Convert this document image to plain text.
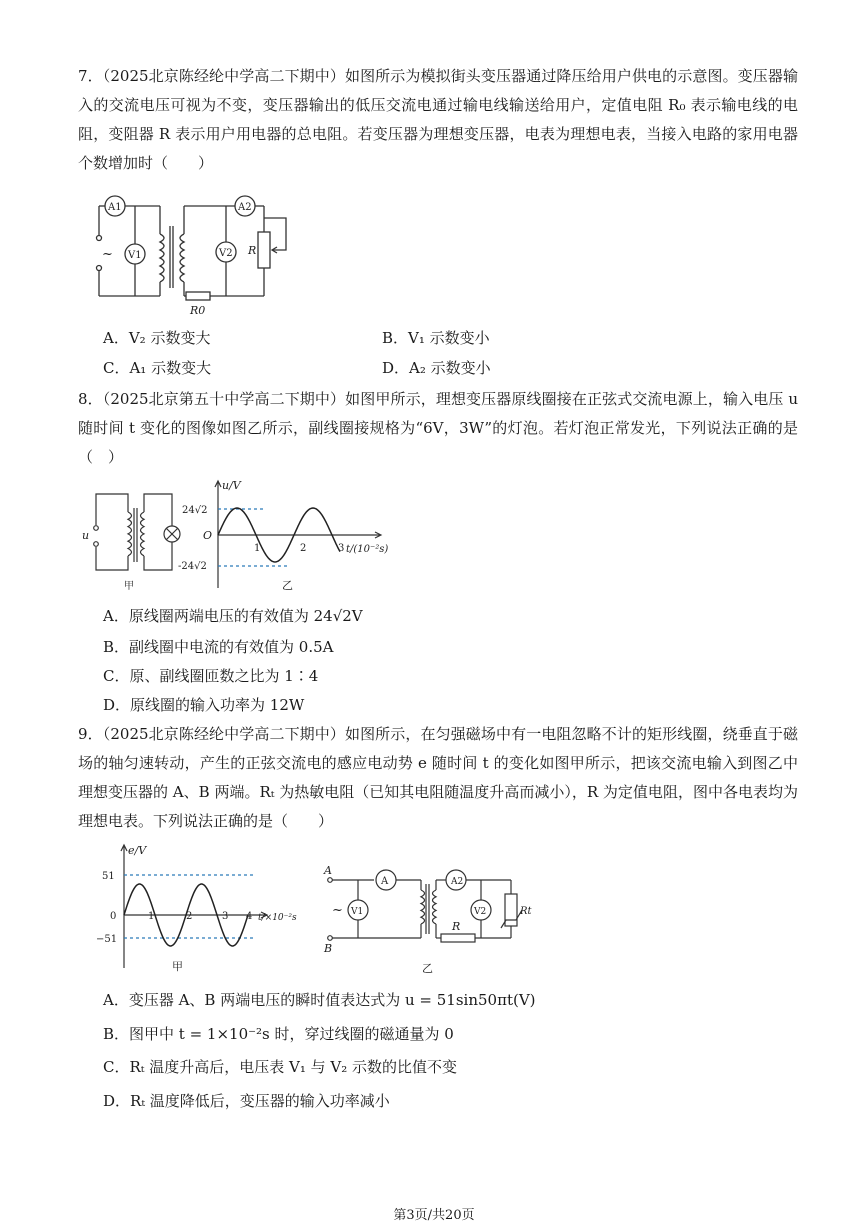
7．（2025北京陈经纶中学高二下期中）如图所示为模拟街头变压器通过降压给用户供电的示意图。变压器输入的交流电压可视为不变，变压器输出的低压交流电通过输电线输送给用户，定值电阻 R₀ 表示输电线的电阻，变阻器 R 表示用户用电器的总电阻。若变压器为理想变压器，电表为理想电表，当接入电路的家用电器个数增加时（　　）
~
A1
V1
A2
V2 R
R0
A．V₂ 示数变大	B．V₁ 示数变小
C．A₁ 示数变大	D．A₂ 示数变小
8．（2025北京第五十中学高二下期中）如图甲所示，理想变压器原线圈接在正弦式交流电源上，输入电压 u 随时间 t 变化的图像如图乙所示，副线圈接规格为“6V，3W”的灯泡。若灯泡正常发光，下列说法正确的是（　）
u
甲
u/V
24√2
-24√2
O
1	2	3 t/(10⁻²s)
乙
A．原线圈两端电压的有效值为 24√2V
B．副线圈中电流的有效值为 0.5A
C．原、副线圈匝数之比为 1∶4
D．原线圈的输入功率为 12W
9．（2025北京陈经纶中学高二下期中）如图所示，在匀强磁场中有一电阻忽略不计的矩形线圈，绕垂直于磁场的轴匀速转动，产生的正弦交流电的感应电动势 e 随时间 t 的变化如图甲所示，把该交流电输入到图乙中理想变压器的 A、B 两端。Rₜ 为热敏电阻（已知其电阻随温度升高而减小），R 为定值电阻，图中各电表均为理想电表。下列说法正确的是（　　）
e/V
51
−51
0	1	2	3 4 t/×10⁻²s
甲
A
B
~
A	A2
V1	V2
R
Rt
乙
A．变压器 A、B 两端电压的瞬时值表达式为 u = 51sin50πt(V)
B．图甲中 t = 1×10⁻²s 时，穿过线圈的磁通量为 0
C．Rₜ 温度升高后，电压表 V₁ 与 V₂ 示数的比值不变
D．Rₜ 温度降低后，变压器的输入功率减小
第3页/共20页
